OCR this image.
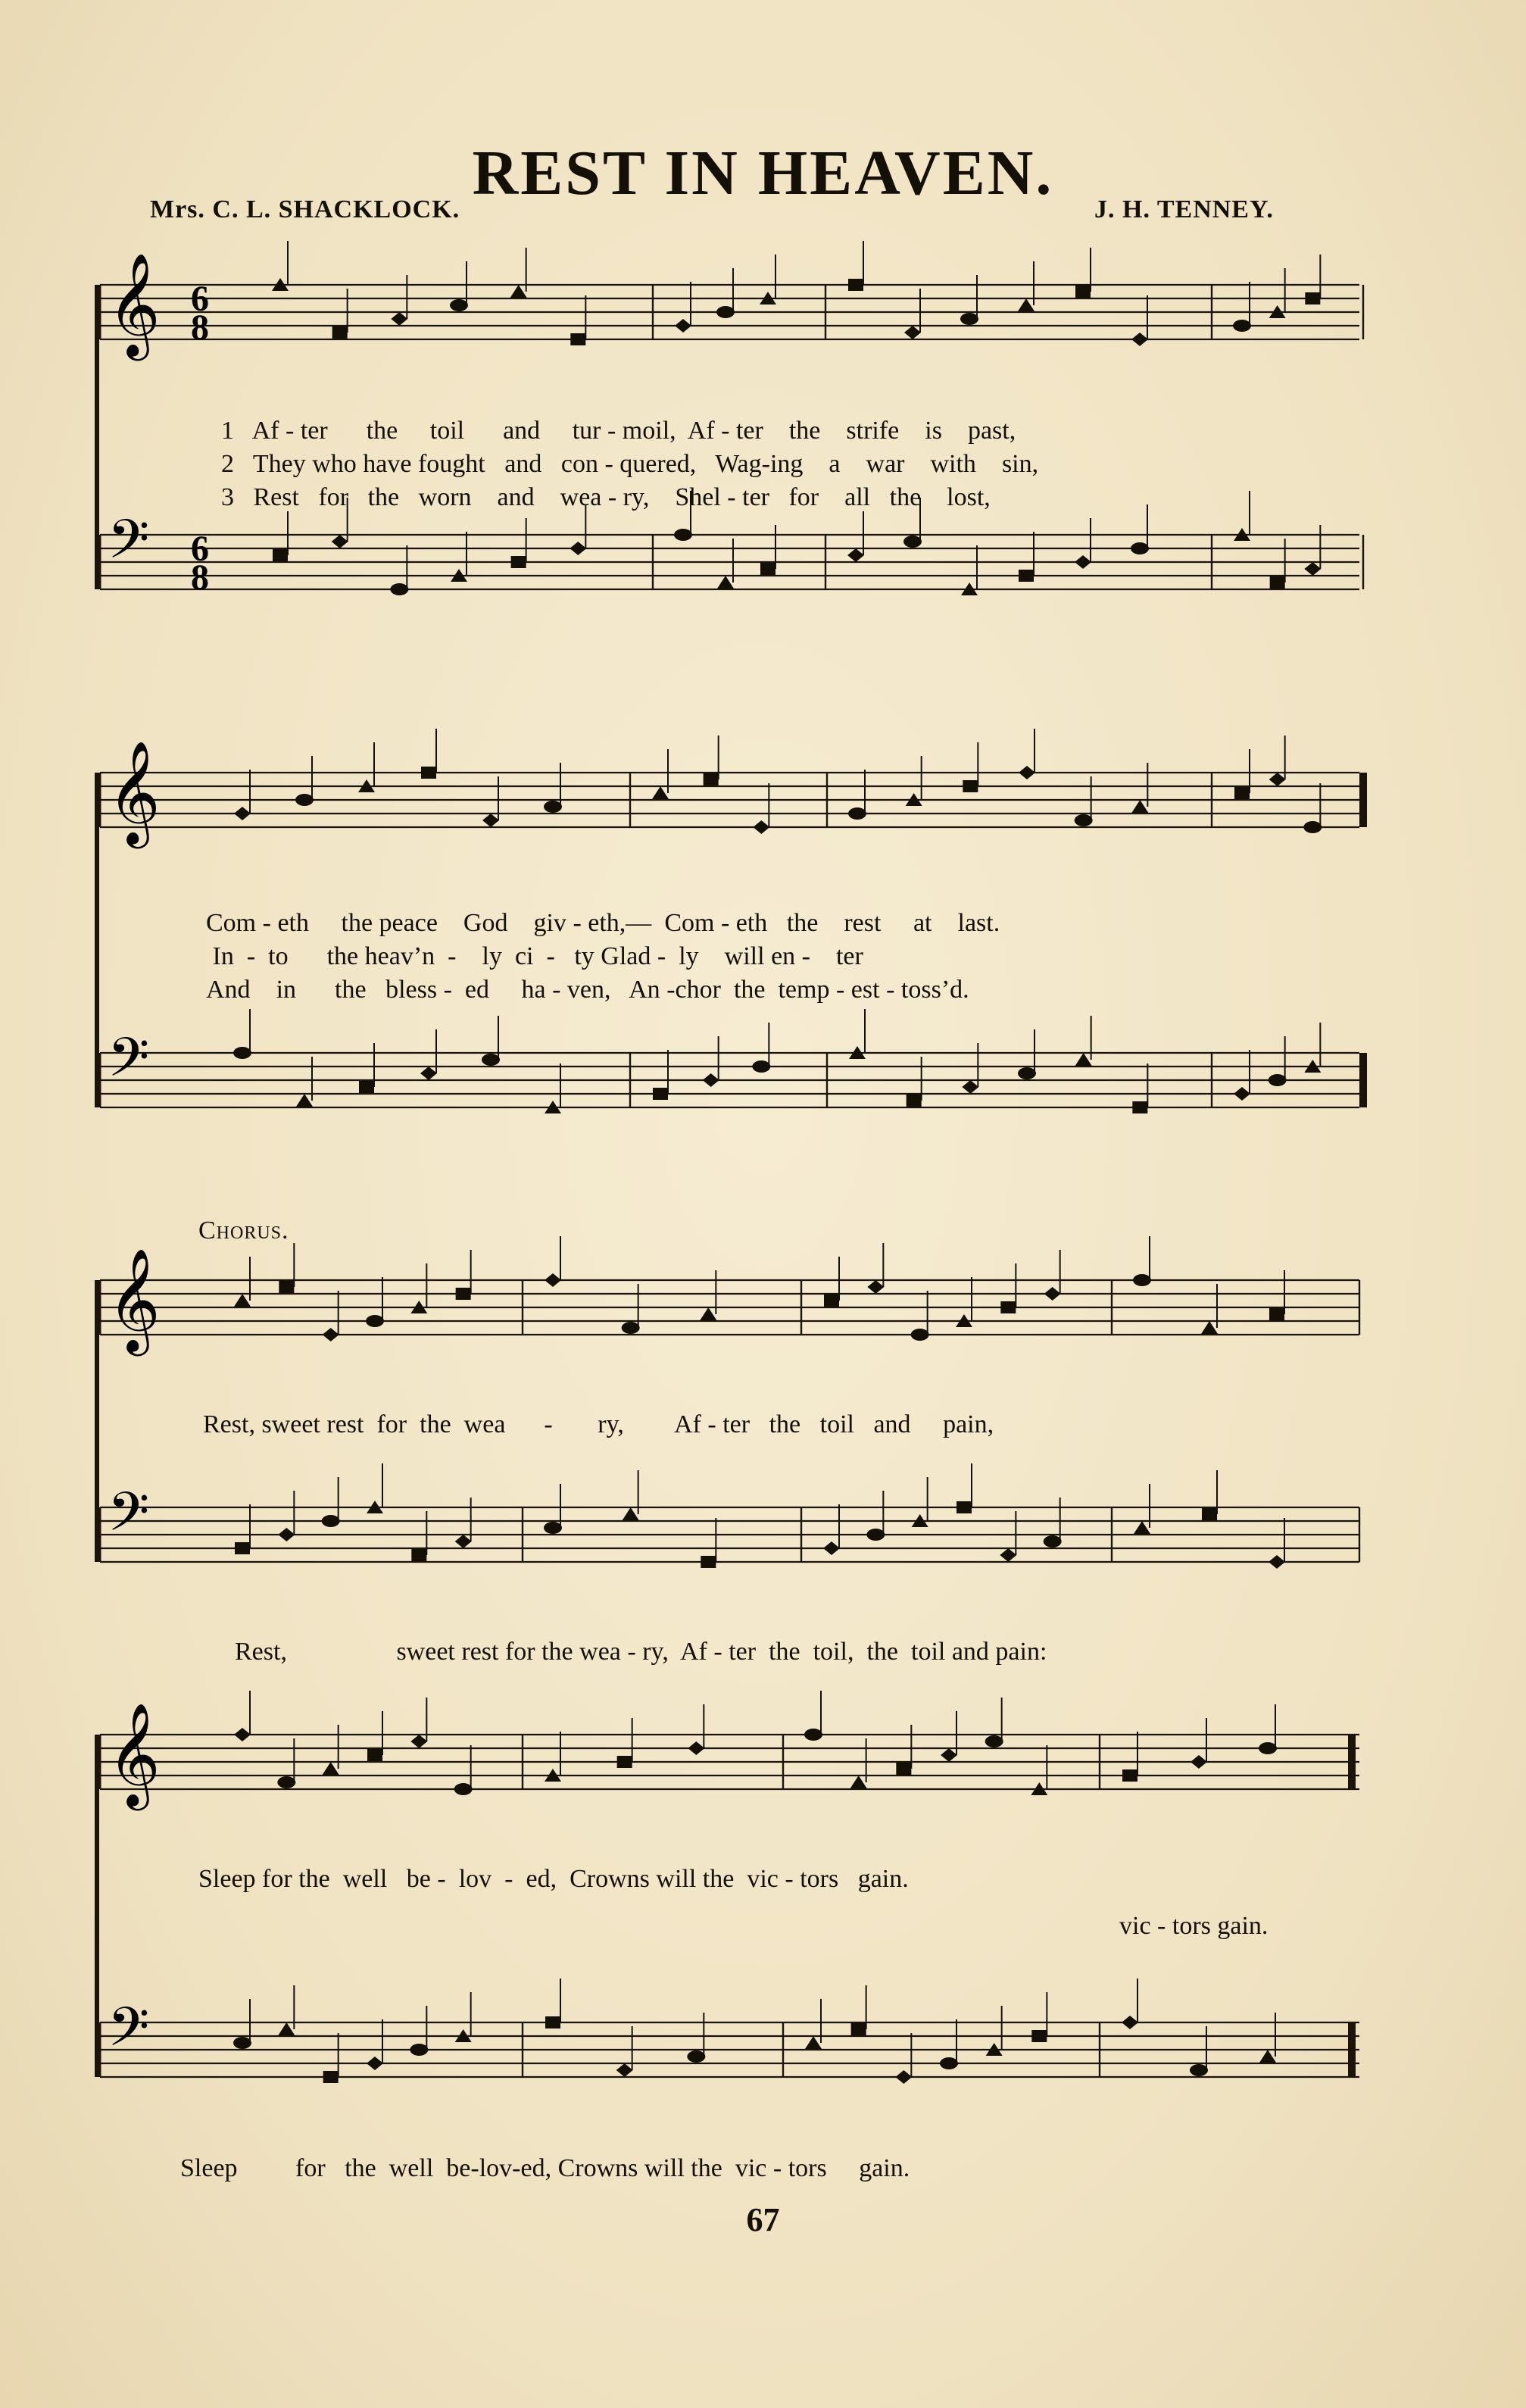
REST IN HEAVEN.
Mrs. C. L. SHACKLOCK.	J. H. TENNEY.
𝄞 6
8
𝄢 6
8
𝄞
𝄢
𝄞
𝄢
𝄞
𝄢
1 Af - ter the toil and tur - moil, Af - ter the strife is past,
2 They who have fought and con - quered, Wag-ing a war with sin,
3 Rest for the worn and wea - ry, Shel - ter for all the lost,
Com - eth the peace God giv - eth,— Com - eth the rest at last.
In - to the heav’n - ly ci - ty Glad - ly will en - ter
And in the bless - ed ha - ven, An -chor the temp - est - toss’d.
Chorus.
Rest, sweet rest for the wea - ry, Af - ter the toil and pain,
Rest,	sweet rest for the wea - ry, Af - ter the toil, the toil and pain:
Sleep for the well be - lov - ed, Crowns will the vic - tors gain.
vic - tors gain.
Sleep for the well be-lov-ed, Crowns will the vic - tors gain.
67
